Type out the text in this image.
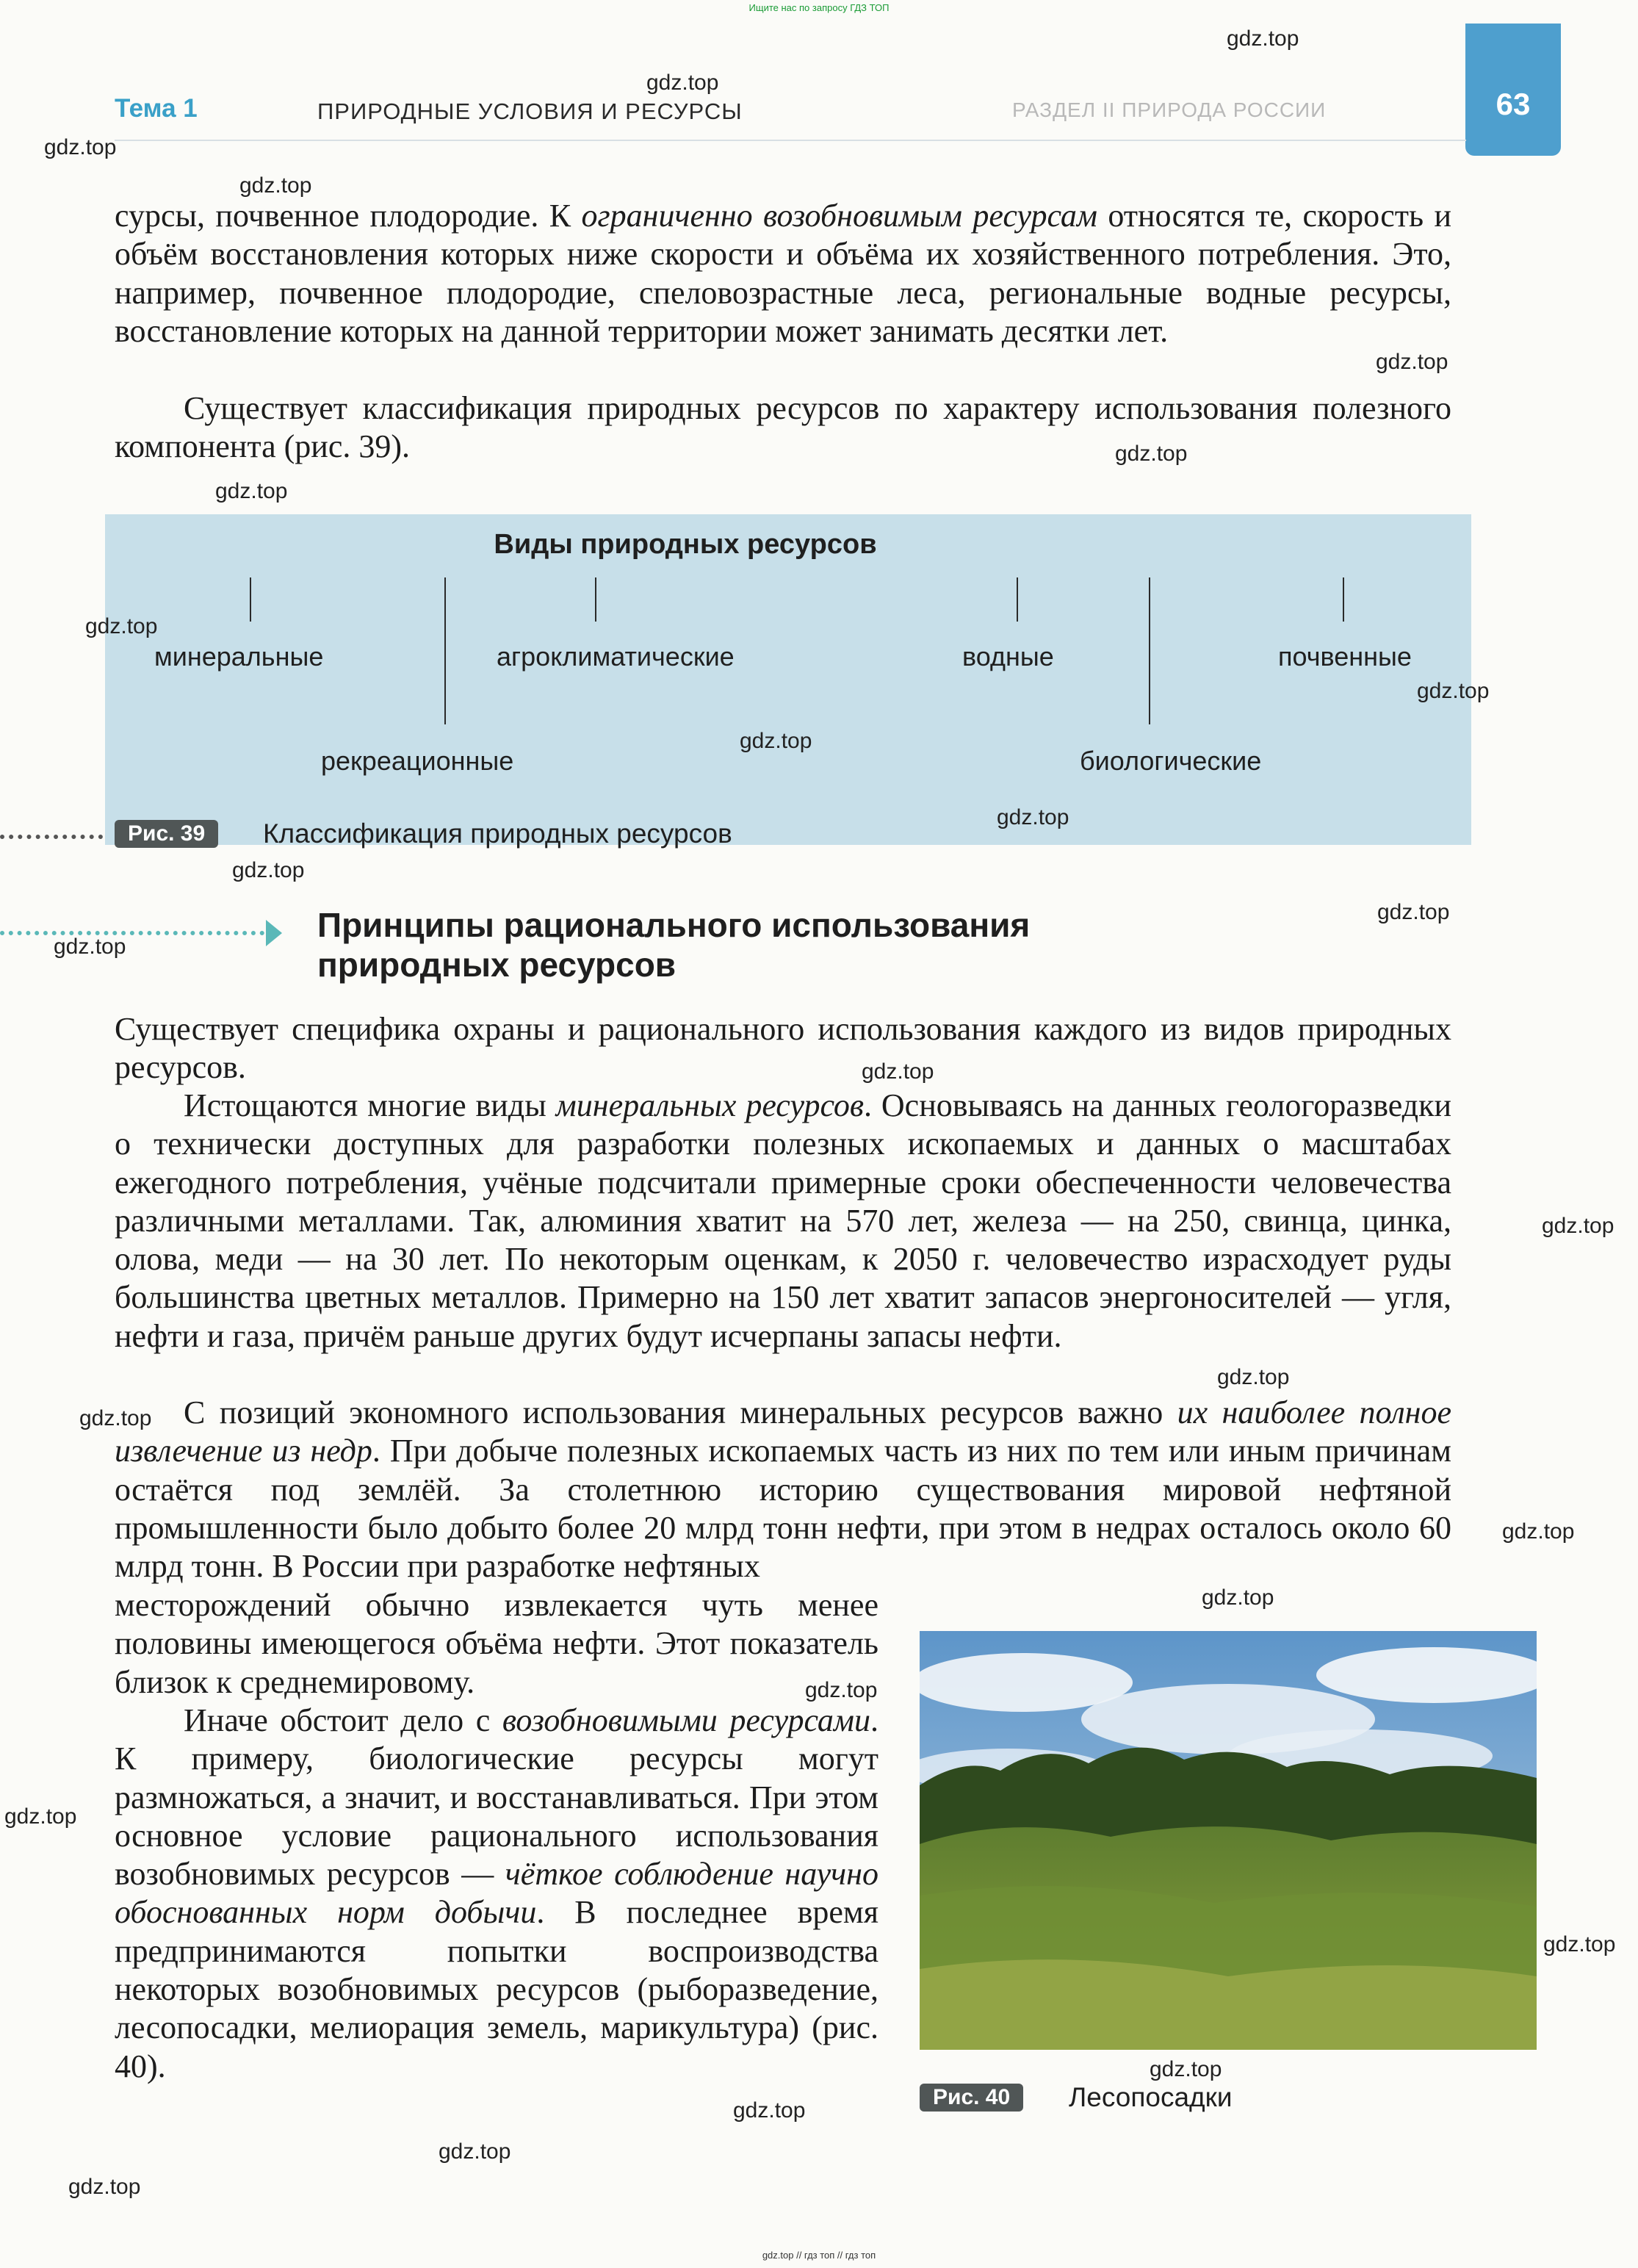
Ищите нас по запросу ГДЗ ТОП
63
Тема 1	ПРИРОДНЫЕ УСЛОВИЯ И РЕСУРСЫ	РАЗДЕЛ II ПРИРОДА РОССИИ
сурсы, почвенное плодородие. К ограниченно возобновимым ресурсам относятся те, скорость и объём восстановления которых ниже скорости и объёма их хозяйственного потребления. Это, например, почвенное плодородие, спеловозрастные леса, региональные водные ресурсы, восстановление которых на данной территории может занимать десятки лет.
Существует классификация природных ресурсов по характеру использования полезного компонента (рис. 39).
Виды природных ресурсов
минеральные	агроклиматические	водные	почвенные
рекреационные	биологические
Рис. 39	Классификация природных ресурсов
Принципы рационального использования
природных ресурсов
Существует специфика охраны и рационального использования каждого из видов природных ресурсов.
Истощаются многие виды минеральных ресурсов. Основываясь на данных геологоразведки о технически доступных для разработки полезных ископаемых и данных о масштабах ежегодного потребления, учёные подсчитали примерные сроки обеспеченности человечества различными металлами. Так, алюминия хватит на 570 лет, железа — на 250, свинца, цинка, олова, меди — на 30 лет. По некоторым оценкам, к 2050 г. человечество израсходует руды большинства цветных металлов. Примерно на 150 лет хватит запасов энергоносителей — угля, нефти и газа, причём раньше других будут исчерпаны запасы нефти.
С позиций экономного использования минеральных ресурсов важно их наиболее полное извлечение из недр. При добыче полезных ископаемых часть из них по тем или иным причинам остаётся под землёй. За столетнюю историю существования мировой нефтяной промышленности было добыто более 20 млрд тонн нефти, при этом в недрах осталось около 60 млрд тонн. В России при разработке нефтяных
месторождений обычно извлекается чуть менее половины имеющегося объёма нефти. Этот показатель близок к среднемировому.
Иначе обстоит дело с возобновимыми ресурсами. К примеру, биологические ресурсы могут размножаться, а значит, и восстанавливаться. При этом основное условие рационального использования возобновимых ресурсов — чёткое соблюдение научно обоснованных норм добычи. В последнее время предпринимаются попытки воспроизводства некоторых возобновимых ресурсов (рыборазведение, лесопосадки, мелиорация земель, марикультура) (рис. 40).
Рис. 40	Лесопосадки
gdz.top
gdz.top
gdz.top
gdz.top
gdz.top
gdz.top
gdz.top
gdz.top
gdz.top
gdz.top
gdz.top
gdz.top
gdz.top
gdz.top
gdz.top
gdz.top
gdz.top
gdz.top
gdz.top
gdz.top
gdz.top
gdz.top
gdz.top
gdz.top
gdz.top
gdz.top
gdz.top
gdz.top // гдз топ // гдз топ
